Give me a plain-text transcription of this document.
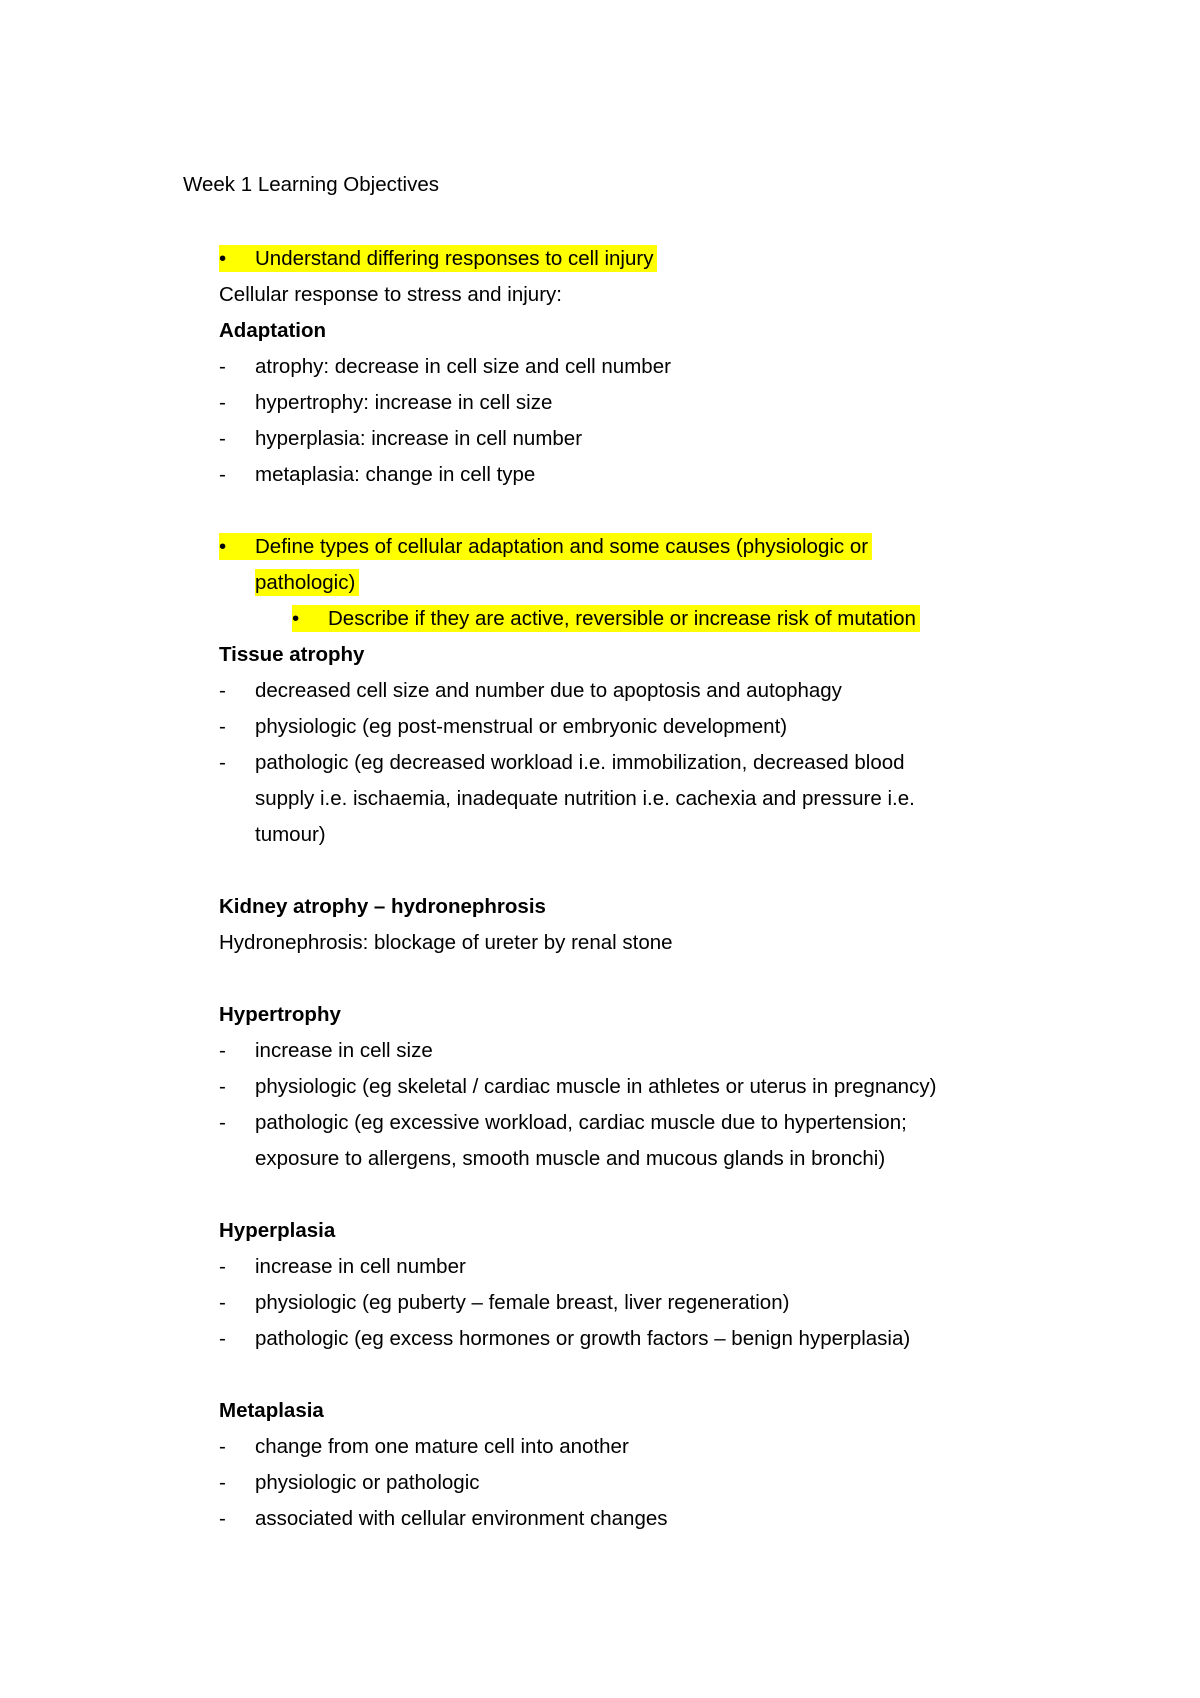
Week 1 Learning Objectives
• Understand differing responses to cell injury
Cellular response to stress and injury:
Adaptation
- atrophy: decrease in cell size and cell number
- hypertrophy: increase in cell size
- hyperplasia: increase in cell number
- metaplasia: change in cell type
• Define types of cellular adaptation and some causes (physiologic or
pathologic)
• Describe if they are active, reversible or increase risk of mutation
Tissue atrophy
- decreased cell size and number due to apoptosis and autophagy
- physiologic (eg post-menstrual or embryonic development)
- pathologic (eg decreased workload i.e. immobilization, decreased blood
supply i.e. ischaemia, inadequate nutrition i.e. cachexia and pressure i.e.
tumour)
Kidney atrophy – hydronephrosis
Hydronephrosis: blockage of ureter by renal stone
Hypertrophy
- increase in cell size
- physiologic (eg skeletal / cardiac muscle in athletes or uterus in pregnancy)
- pathologic (eg excessive workload, cardiac muscle due to hypertension;
exposure to allergens, smooth muscle and mucous glands in bronchi)
Hyperplasia
- increase in cell number
- physiologic (eg puberty – female breast, liver regeneration)
- pathologic (eg excess hormones or growth factors – benign hyperplasia)
Metaplasia
- change from one mature cell into another
- physiologic or pathologic
- associated with cellular environment changes
